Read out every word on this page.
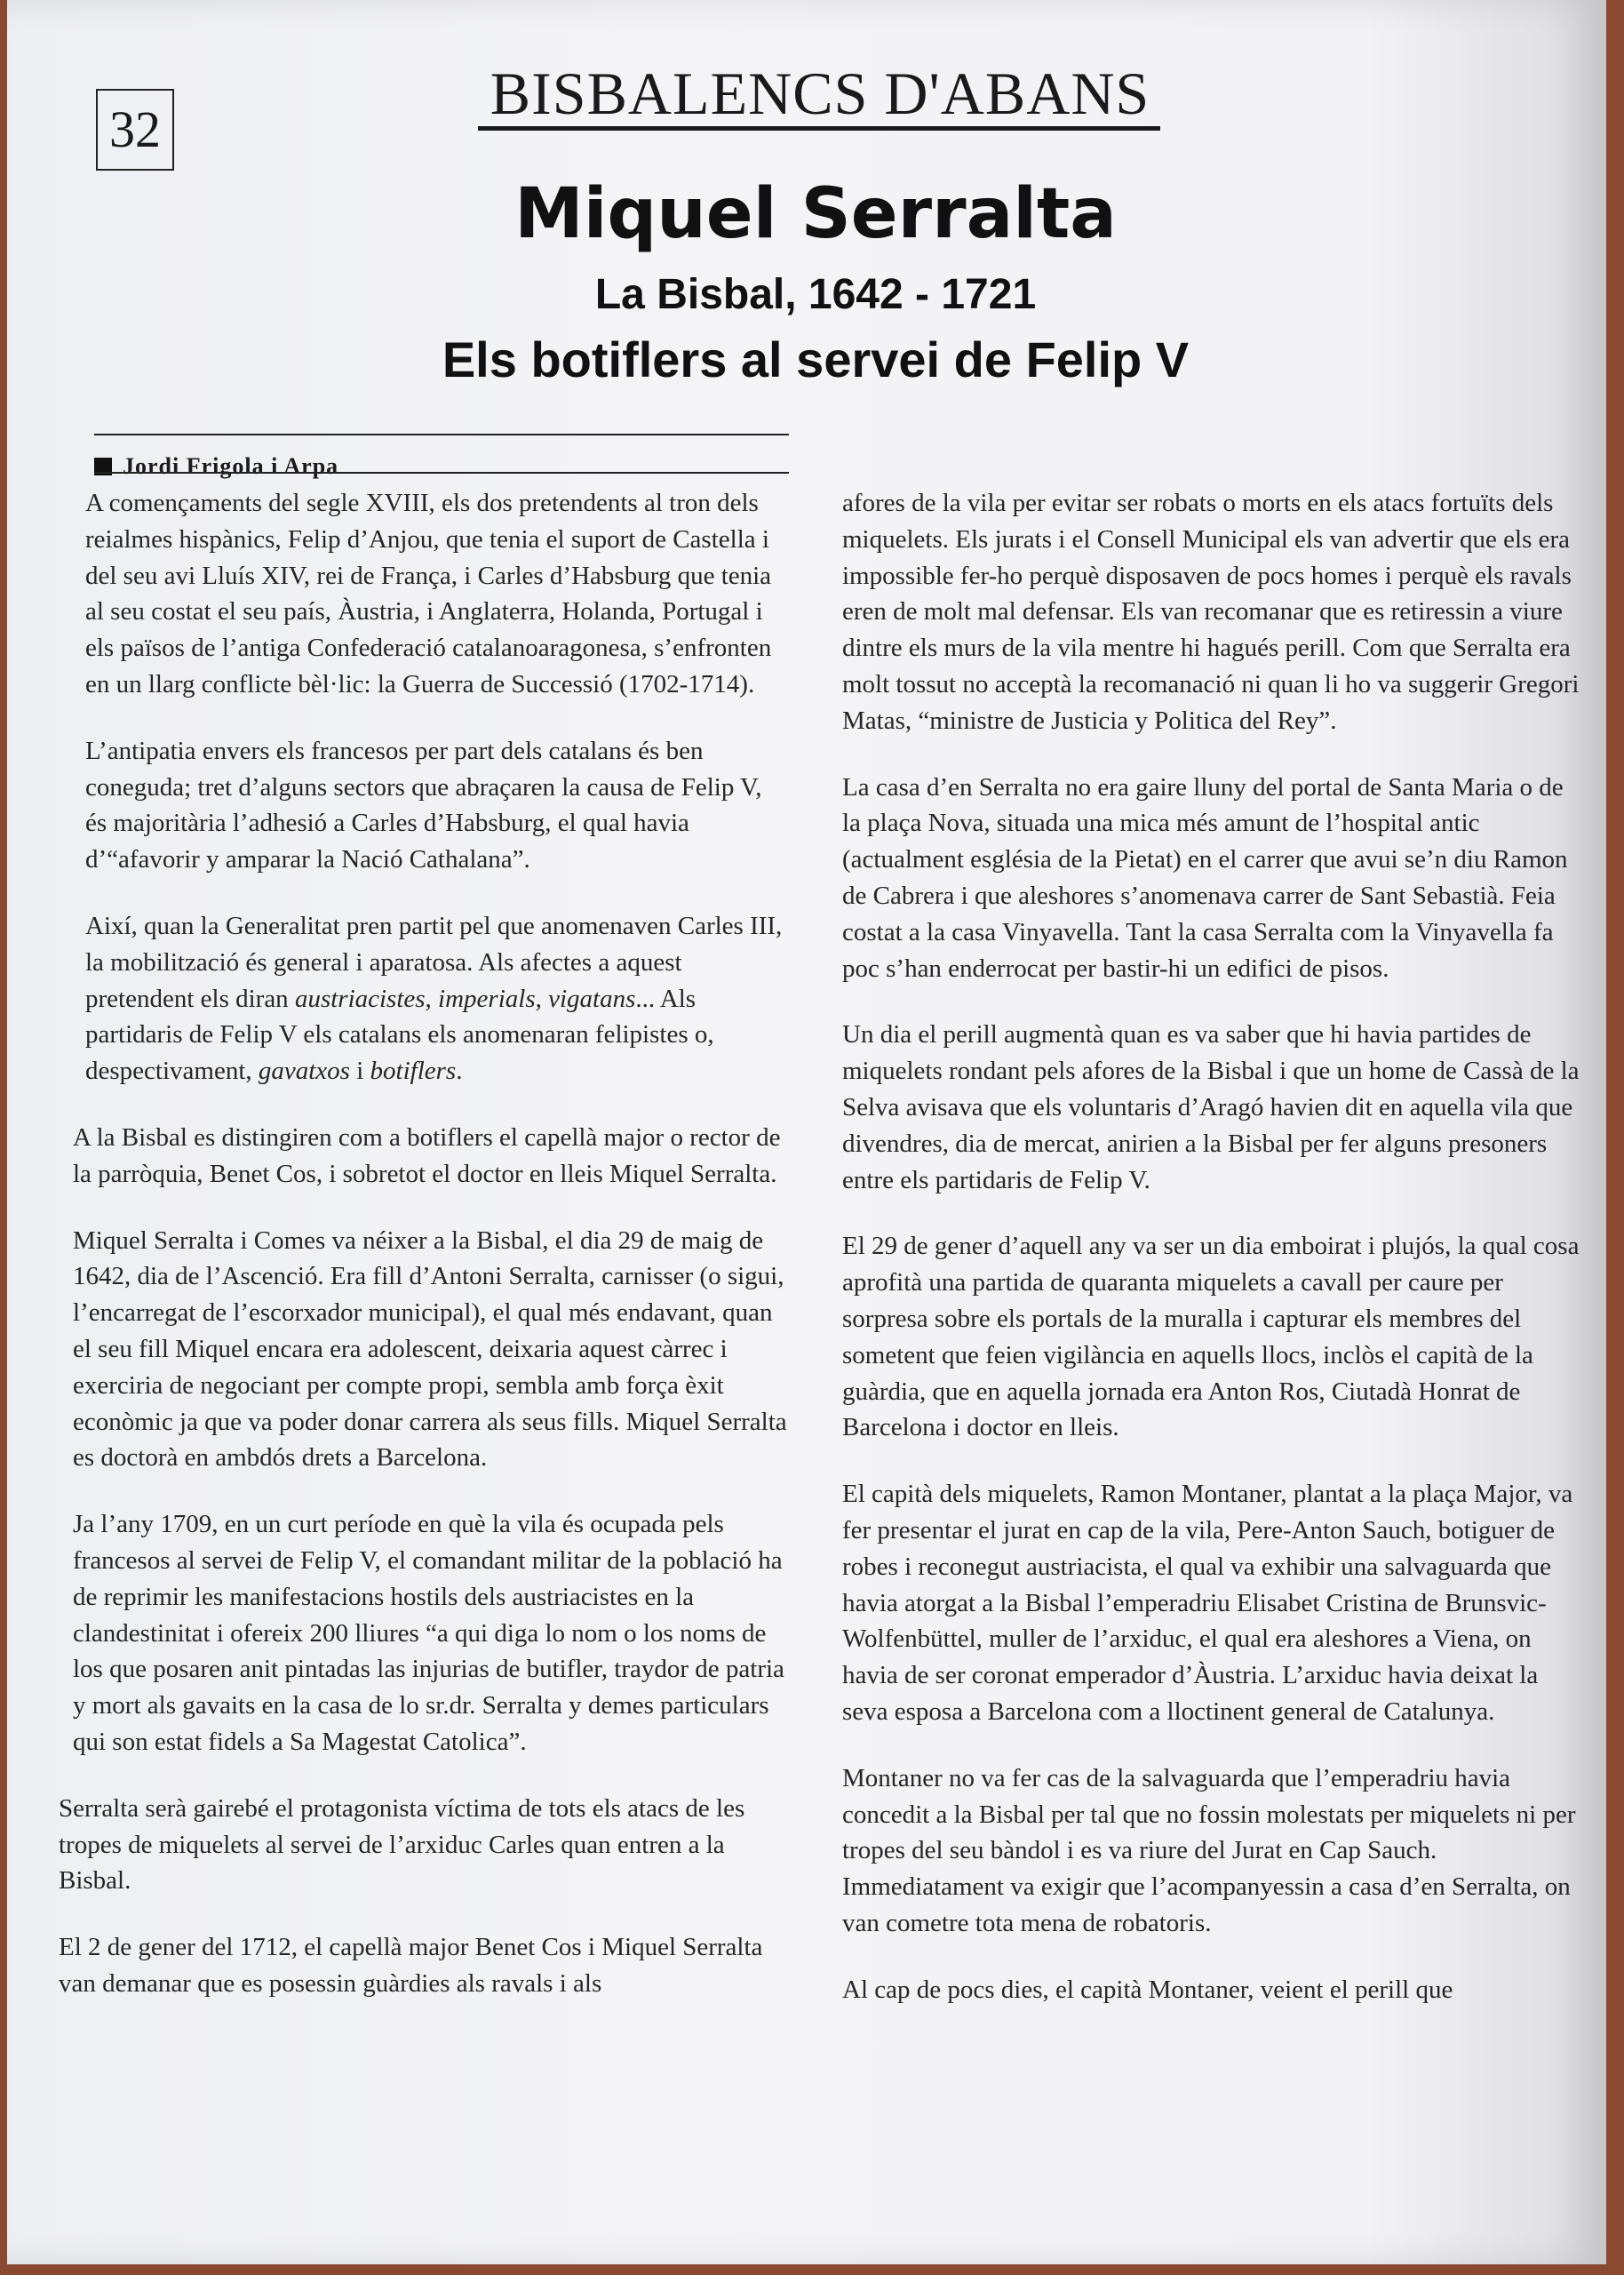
32
BISBALENCS D'ABANS
Miquel Serralta
La Bisbal, 1642 - 1721
Els botiflers al servei de Felip V
Jordi Frigola i Arpa

A començaments del segle XVIII, els dos pretendents al tron dels reialmes hispànics, Felip d’Anjou, que tenia el suport de Castella i del seu avi Lluís XIV, rei de França, i Carles d’Habsburg que tenia al seu costat el seu país, Àustria, i Anglaterra, Holanda, Portugal i els països de l’antiga Confederació catalanoaragonesa, s’enfronten en un llarg conflicte bèl·lic: la Guerra de Successió (1702-1714).

L’antipatia envers els francesos per part dels catalans és ben coneguda; tret d’alguns sectors que abraçaren la causa de Felip V, és majoritària l’adhesió a Carles d’Habsburg, el qual havia d’“afavorir y amparar la Nació Cathalana”.

Així, quan la Generalitat pren partit pel que anomenaven Carles III, la mobilització és general i aparatosa. Als afectes a aquest pretendent els diran austriacistes, imperials, vigatans... Als partidaris de Felip V els catalans els anomenaran felipistes o, despectivament, gavatxos i botiflers.

A la Bisbal es distingiren com a botiflers el capellà major o rector de la parròquia, Benet Cos, i sobretot el doctor en lleis Miquel Serralta.

Miquel Serralta i Comes va néixer a la Bisbal, el dia 29 de maig de 1642, dia de l’Ascenció. Era fill d’Antoni Serralta, carnisser (o sigui, l’encarregat de l’escorxador municipal), el qual més endavant, quan el seu fill Miquel encara era adolescent, deixaria aquest càrrec i exerciria de negociant per compte propi, sembla amb força èxit econòmic ja que va poder donar carrera als seus fills. Miquel Serralta es doctorà en ambdós drets a Barcelona.

Ja l’any 1709, en un curt període en què la vila és ocupada pels francesos al servei de Felip V, el comandant militar de la població ha de reprimir les manifestacions hostils dels austriacistes en la clandestinitat i ofereix 200 lliures “a qui diga lo nom o los noms de los que posaren anit pintadas las injurias de butifler, traydor de patria y mort als gavaits en la casa de lo sr.dr. Serralta y demes particulars qui son estat fidels a Sa Magestat Catolica”.

Serralta serà gairebé el protagonista víctima de tots els atacs de les tropes de miquelets al servei de l’arxiduc Carles quan entren a la Bisbal.

El 2 de gener del 1712, el capellà major Benet Cos i Miquel Serralta van demanar que es posessin guàrdies als ravals i als

afores de la vila per evitar ser robats o morts en els atacs fortuïts dels miquelets. Els jurats i el Consell Municipal els van advertir que els era impossible fer-ho perquè disposaven de pocs homes i perquè els ravals eren de molt mal defensar. Els van recomanar que es retiressin a viure dintre els murs de la vila mentre hi hagués perill. Com que Serralta era molt tossut no acceptà la recomanació ni quan li ho va suggerir Gregori Matas, “ministre de Justicia y Politica del Rey”.

La casa d’en Serralta no era gaire lluny del portal de Santa Maria o de la plaça Nova, situada una mica més amunt de l’hospital antic (actualment església de la Pietat) en el carrer que avui se’n diu Ramon de Cabrera i que aleshores s’anomenava carrer de Sant Sebastià. Feia costat a la casa Vinyavella. Tant la casa Serralta com la Vinyavella fa poc s’han enderrocat per bastir-hi un edifici de pisos.

Un dia el perill augmentà quan es va saber que hi havia partides de miquelets rondant pels afores de la Bisbal i que un home de Cassà de la Selva avisava que els voluntaris d’Aragó havien dit en aquella vila que divendres, dia de mercat, anirien a la Bisbal per fer alguns presoners entre els partidaris de Felip V.

El 29 de gener d’aquell any va ser un dia emboirat i plujós, la qual cosa aprofità una partida de quaranta miquelets a cavall per caure per sorpresa sobre els portals de la muralla i capturar els membres del sometent que feien vigilància en aquells llocs, inclòs el capità de la guàrdia, que en aquella jornada era Anton Ros, Ciutadà Honrat de Barcelona i doctor en lleis.

El capità dels miquelets, Ramon Montaner, plantat a la plaça Major, va fer presentar el jurat en cap de la vila, Pere-Anton Sauch, botiguer de robes i reconegut austriacista, el qual va exhibir una salvaguarda que havia atorgat a la Bisbal l’emperadriu Elisabet Cristina de Brunsvic-Wolfenbüttel, muller de l’arxiduc, el qual era aleshores a Viena, on havia de ser coronat emperador d’Àustria. L’arxiduc havia deixat la seva esposa a Barcelona com a lloctinent general de Catalunya.

Montaner no va fer cas de la salvaguarda que l’emperadriu havia concedit a la Bisbal per tal que no fossin molestats per miquelets ni per tropes del seu bàndol i es va riure del Jurat en Cap Sauch. Immediatament va exigir que l’acompanyessin a casa d’en Serralta, on van cometre tota mena de robatoris.

Al cap de pocs dies, el capità Montaner, veient el perill que
